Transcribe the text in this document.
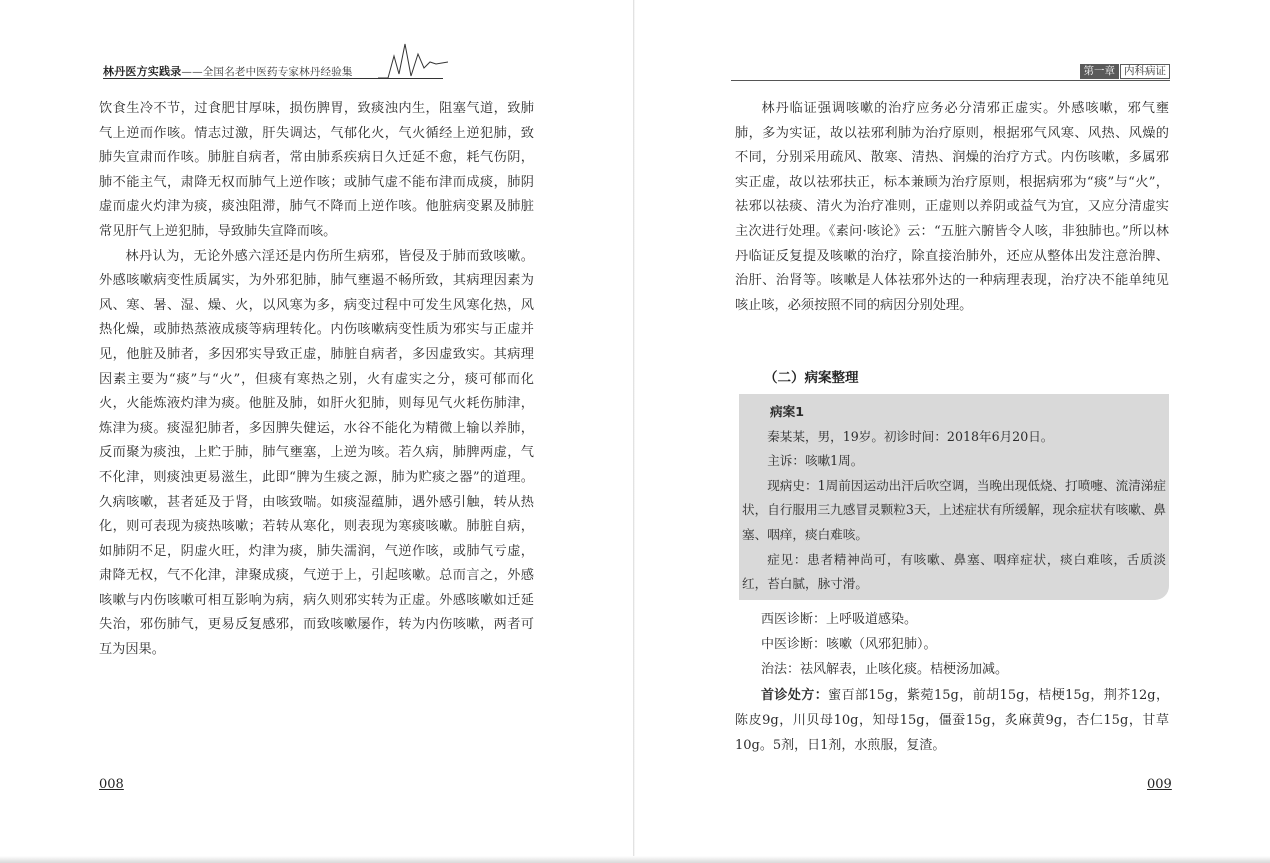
林丹医方实践录——全国名老中医药专家林丹经验集

饮食生冷不节，过食肥甘厚味，损伤脾胃，致痰浊内生，阻塞气道，致肺气上逆而作咳。情志过激，肝失调达，气郁化火，气火循经上逆犯肺，致肺失宣肃而作咳。肺脏自病者，常由肺系疾病日久迁延不愈，耗气伤阴，肺不能主气，肃降无权而肺气上逆作咳；或肺气虚不能布津而成痰，肺阴虚而虚火灼津为痰，痰浊阻滞，肺气不降而上逆作咳。他脏病变累及肺脏常见肝气上逆犯肺，导致肺失宣降而咳。

林丹认为，无论外感六淫还是内伤所生病邪，皆侵及于肺而致咳嗽。外感咳嗽病变性质属实，为外邪犯肺，肺气壅遏不畅所致，其病理因素为风、寒、暑、湿、燥、火，以风寒为多，病变过程中可发生风寒化热，风热化燥，或肺热蒸液成痰等病理转化。内伤咳嗽病变性质为邪实与正虚并见，他脏及肺者，多因邪实导致正虚，肺脏自病者，多因虚致实。其病理因素主要为“痰”与“火”，但痰有寒热之别，火有虚实之分，痰可郁而化火，火能炼液灼津为痰。他脏及肺，如肝火犯肺，则每见气火耗伤肺津，炼津为痰。痰湿犯肺者，多因脾失健运，水谷不能化为精微上输以养肺，反而聚为痰浊，上贮于肺，肺气壅塞，上逆为咳。若久病，肺脾两虚，气不化津，则痰浊更易滋生，此即“脾为生痰之源，肺为贮痰之器”的道理。久病咳嗽，甚者延及于肾，由咳致喘。如痰湿蕴肺，遇外感引触，转从热化，则可表现为痰热咳嗽；若转从寒化，则表现为寒痰咳嗽。肺脏自病，如肺阴不足，阴虚火旺，灼津为痰，肺失濡润，气逆作咳，或肺气亏虚，肃降无权，气不化津，津聚成痰，气逆于上，引起咳嗽。总而言之，外感咳嗽与内伤咳嗽可相互影响为病，病久则邪实转为正虚。外感咳嗽如迁延失治，邪伤肺气，更易反复感邪，而致咳嗽屡作，转为内伤咳嗽，两者可互为因果。

008
第一章 内科病证

林丹临证强调咳嗽的治疗应务必分清邪正虚实。外感咳嗽，邪气壅肺，多为实证，故以祛邪利肺为治疗原则，根据邪气风寒、风热、风燥的不同，分别采用疏风、散寒、清热、润燥的治疗方式。内伤咳嗽，多属邪实正虚，故以祛邪扶正，标本兼顾为治疗原则，根据病邪为“痰”与“火”，祛邪以祛痰、清火为治疗准则，正虚则以养阴或益气为宜，又应分清虚实主次进行处理。《素问·咳论》云：“五脏六腑皆令人咳，非独肺也。”所以林丹临证反复提及咳嗽的治疗，除直接治肺外，还应从整体出发注意治脾、治肝、治肾等。咳嗽是人体祛邪外达的一种病理表现，治疗决不能单纯见咳止咳，必须按照不同的病因分别处理。

（二）病案整理

病案1

秦某某，男，19岁。初诊时间：2018年6月20日。

主诉：咳嗽1周。

现病史：1周前因运动出汗后吹空调，当晚出现低烧、打喷嚏、流清涕症状，自行服用三九感冒灵颗粒3天，上述症状有所缓解，现余症状有咳嗽、鼻塞、咽痒，痰白难咳。

症见：患者精神尚可，有咳嗽、鼻塞、咽痒症状，痰白难咳，舌质淡红，苔白腻，脉寸滑。

西医诊断：上呼吸道感染。

中医诊断：咳嗽（风邪犯肺）。

治法：祛风解表，止咳化痰。桔梗汤加减。

首诊处方：蜜百部15g，紫菀15g，前胡15g，桔梗15g，荆芥12g，陈皮9g，川贝母10g，知母15g，僵蚕15g，炙麻黄9g，杏仁15g，甘草10g。5剂，日1剂，水煎服，复渣。

009
